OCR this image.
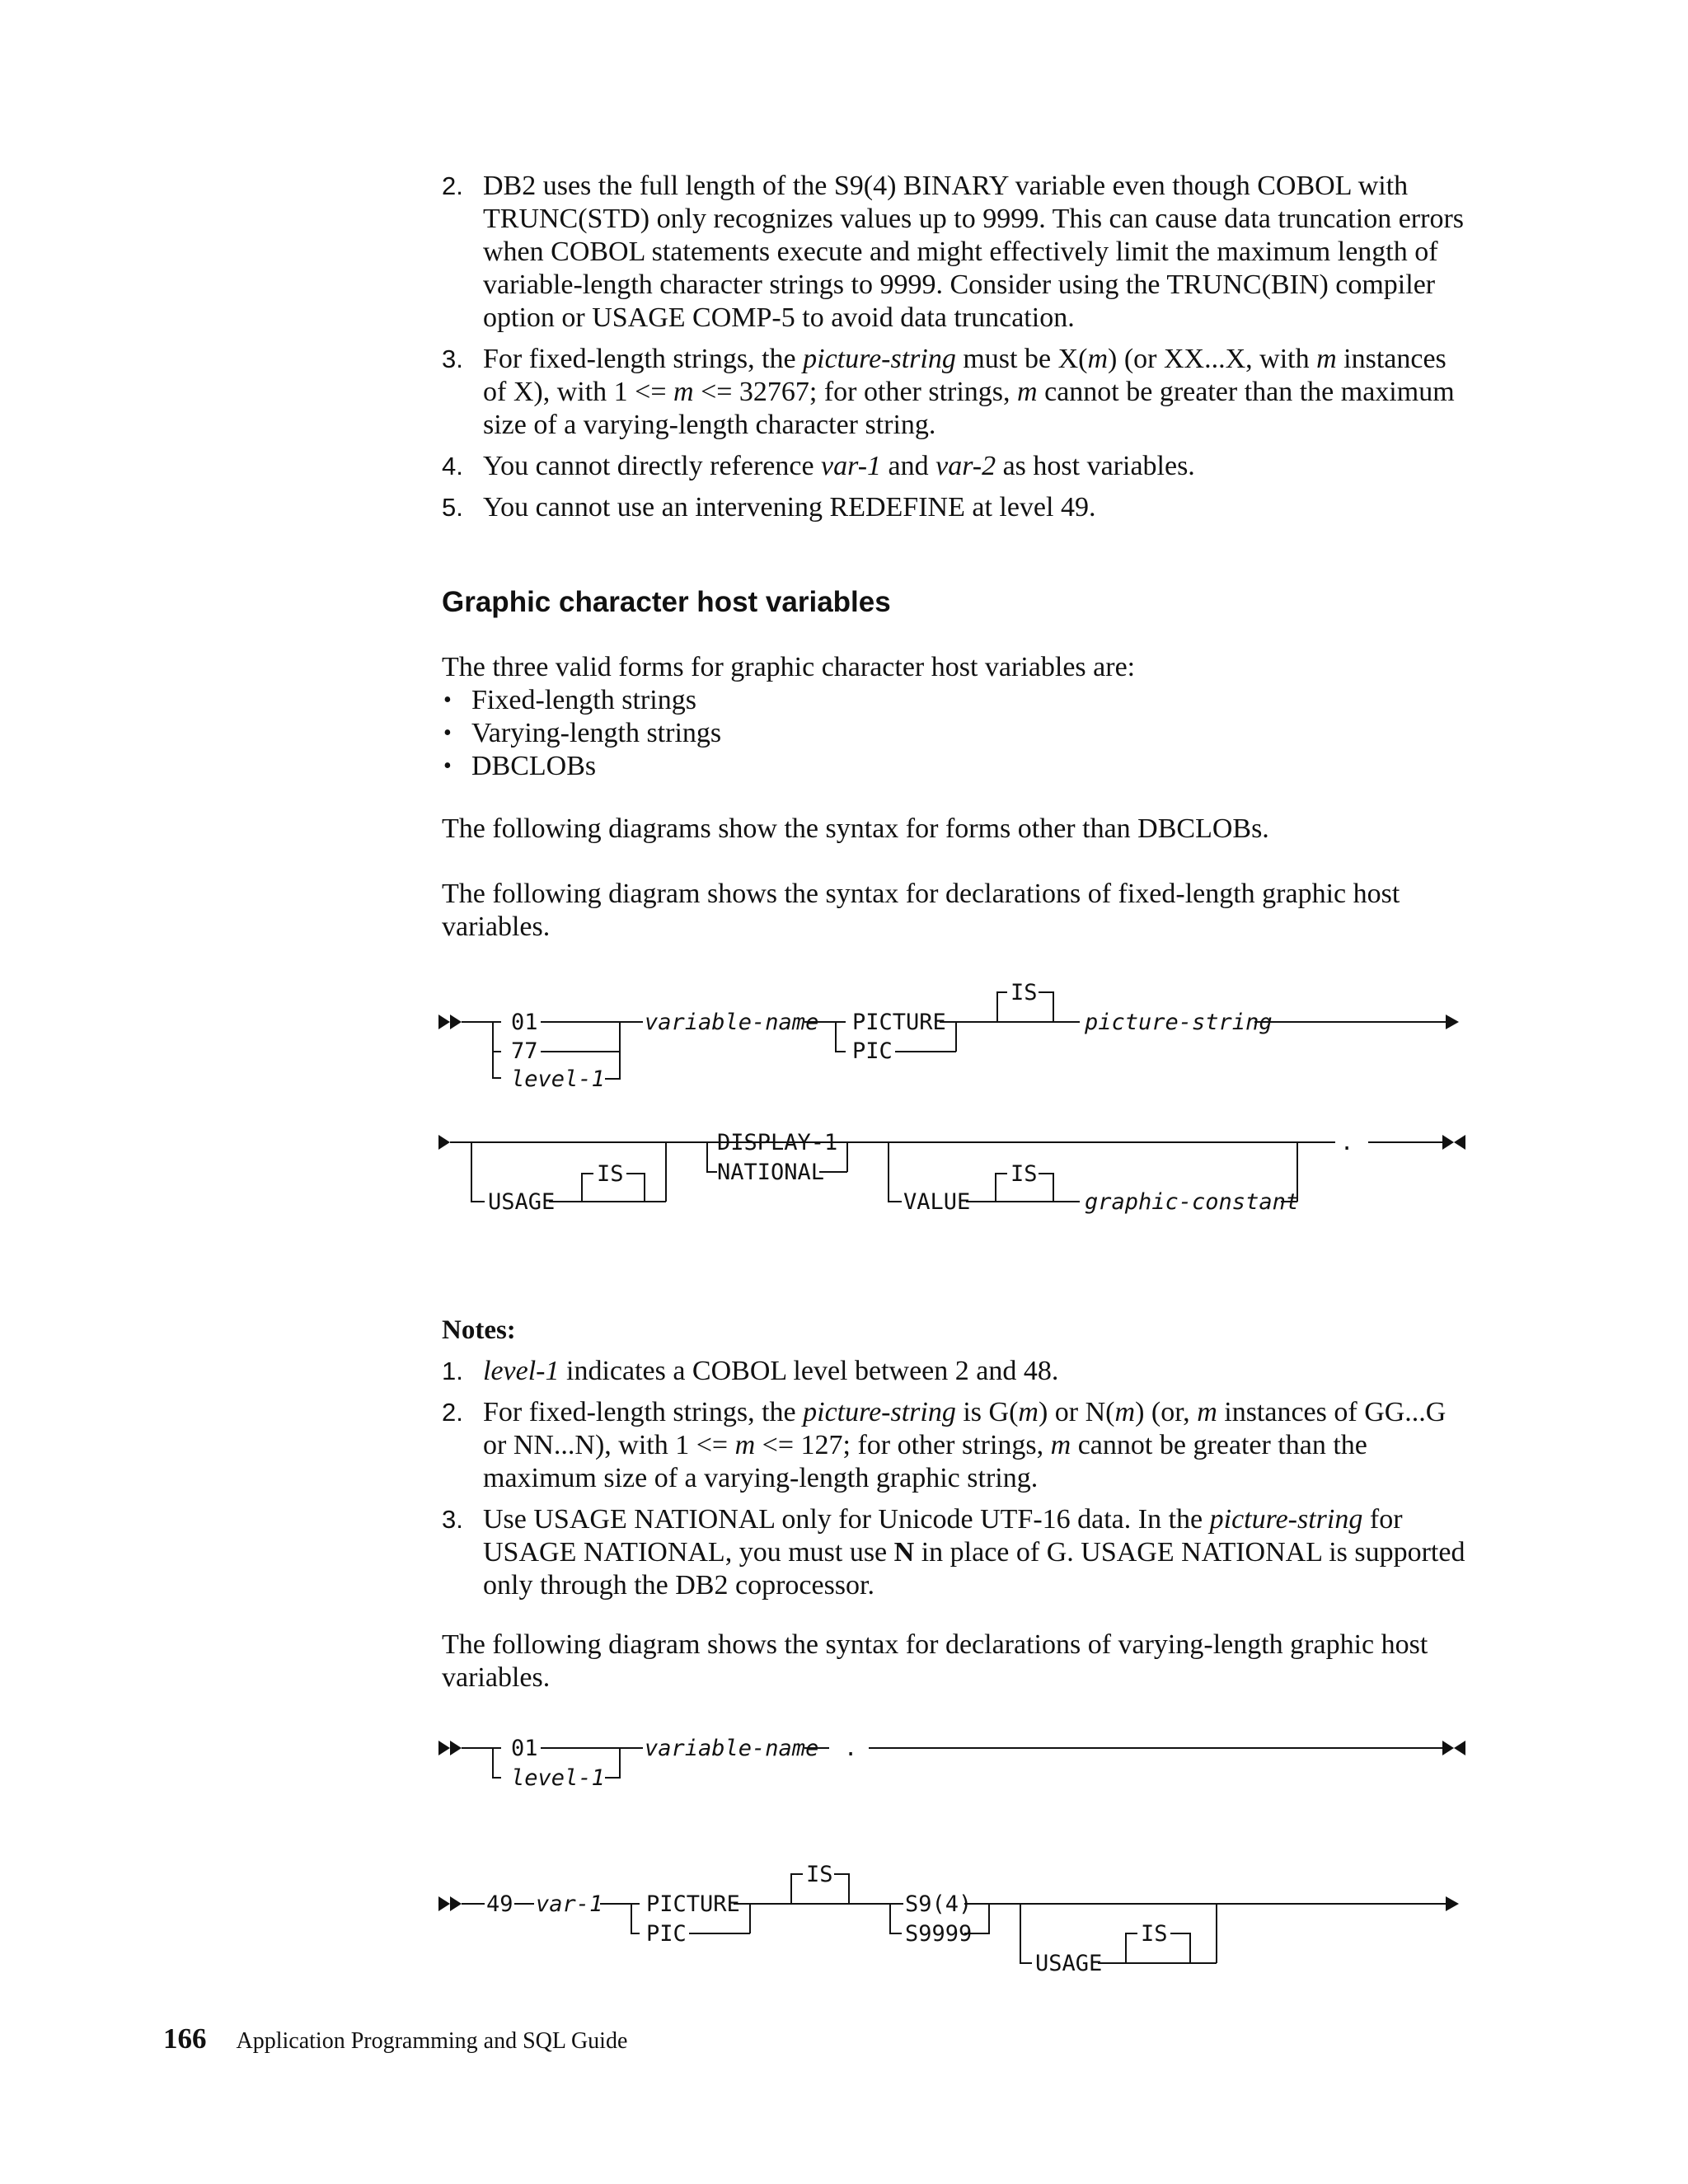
2. DB2 uses the full length of the S9(4) BINARY variable even though COBOL with TRUNC(STD) only recognizes values up to 9999. This can cause data truncation errors when COBOL statements execute and might effectively limit the maximum length of variable-length character strings to 9999. Consider using the TRUNC(BIN) compiler option or USAGE COMP-5 to avoid data truncation.
3. For fixed-length strings, the picture-string must be X(m) (or XX...X, with m instances of X), with 1 <= m <= 32767; for other strings, m cannot be greater than the maximum size of a varying-length character string.
4. You cannot directly reference var-1 and var-2 as host variables.
5. You cannot use an intervening REDEFINE at level 49.
Graphic character host variables

The three valid forms for graphic character host variables are:

• Fixed-length strings
• Varying-length strings
• DBCLOBs

The following diagrams show the syntax for forms other than DBCLOBs.

The following diagram shows the syntax for declarations of fixed-length graphic host variables.

01
77
level-1
variable-name PICTURE
PIC
IS
picture-string
USAGE
IS
DISPLAY-1
NATIONAL
VALUE
IS
graphic-constant
.
01
level-1
variable-name .
49 var-1 PICTURE
PIC
IS
S9(4)
S9999
USAGE
IS
Notes:
1. level-1 indicates a COBOL level between 2 and 48.
2. For fixed-length strings, the picture-string is G(m) or N(m) (or, m instances of GG...G or NN...N), with 1 <= m <= 127; for other strings, m cannot be greater than the maximum size of a varying-length graphic string.
3. Use USAGE NATIONAL only for Unicode UTF-16 data. In the picture-string for USAGE NATIONAL, you must use N in place of G. USAGE NATIONAL is supported only through the DB2 coprocessor.

The following diagram shows the syntax for declarations of varying-length graphic host variables.

166 Application Programming and SQL Guide
